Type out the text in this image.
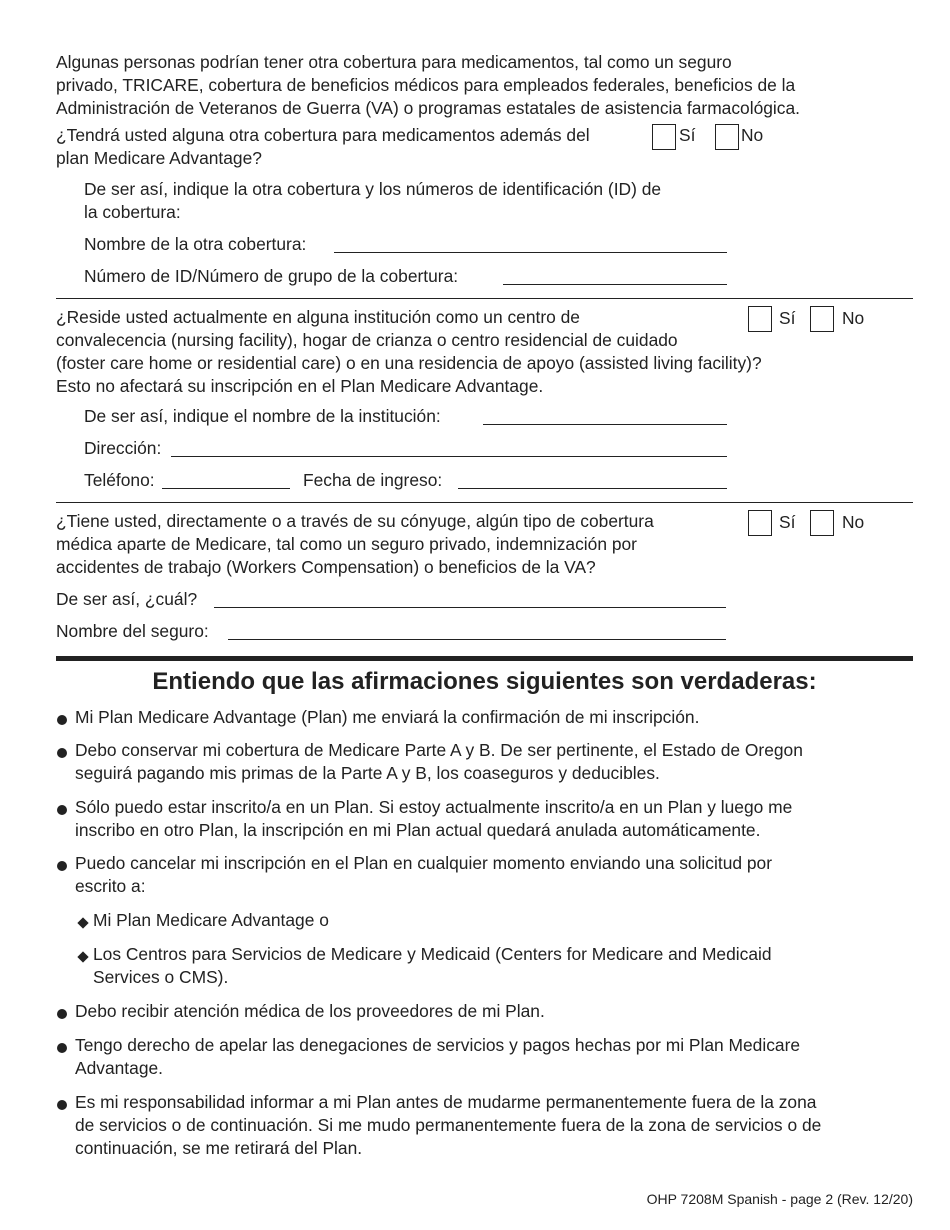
Algunas personas podrían tener otra cobertura para medicamentos, tal como un seguro
privado, TRICARE, cobertura de beneficios médicos para empleados federales, beneficios de la
Administración de Veteranos de Guerra (VA) o programas estatales de asistencia farmacológica.
¿Tendrá usted alguna otra cobertura para medicamentos además del
plan Medicare Advantage?
Sí	No
De ser así, indique la otra cobertura y los números de identificación (ID) de
la cobertura:
Nombre de la otra cobertura:
Número de ID/Número de grupo de la cobertura:
¿Reside usted actualmente en alguna institución como un centro de
convalecencia (nursing facility), hogar de crianza o centro residencial de cuidado
(foster care home or residential care) o en una residencia de apoyo (assisted living facility)?
Esto no afectará su inscripción en el Plan Medicare Advantage.
Sí	No
De ser así, indique el nombre de la institución:
Dirección:
Teléfono:	Fecha de ingreso:
¿Tiene usted, directamente o a través de su cónyuge, algún tipo de cobertura
médica aparte de Medicare, tal como un seguro privado, indemnización por
accidentes de trabajo (Workers Compensation) o beneficios de la VA?
Sí	No
De ser así, ¿cuál?
Nombre del seguro:
Entiendo que las afirmaciones siguientes son verdaderas:
Mi Plan Medicare Advantage (Plan) me enviará la confirmación de mi inscripción.
Debo conservar mi cobertura de Medicare Parte A y B. De ser pertinente, el Estado de Oregon
seguirá pagando mis primas de la Parte A y B, los coaseguros y deducibles.
Sólo puedo estar inscrito/a en un Plan. Si estoy actualmente inscrito/a en un Plan y luego me
inscribo en otro Plan, la inscripción en mi Plan actual quedará anulada automáticamente.
Puedo cancelar mi inscripción en el Plan en cualquier momento enviando una solicitud por
escrito a:
Mi Plan Medicare Advantage o
Los Centros para Servicios de Medicare y Medicaid (Centers for Medicare and Medicaid
Services o CMS).
Debo recibir atención médica de los proveedores de mi Plan.
Tengo derecho de apelar las denegaciones de servicios y pagos hechas por mi Plan Medicare
Advantage.
Es mi responsabilidad informar a mi Plan antes de mudarme permanentemente fuera de la zona
de servicios o de continuación. Si me mudo permanentemente fuera de la zona de servicios o de
continuación, se me retirará del Plan.
OHP 7208M Spanish - page 2 (Rev. 12/20)
